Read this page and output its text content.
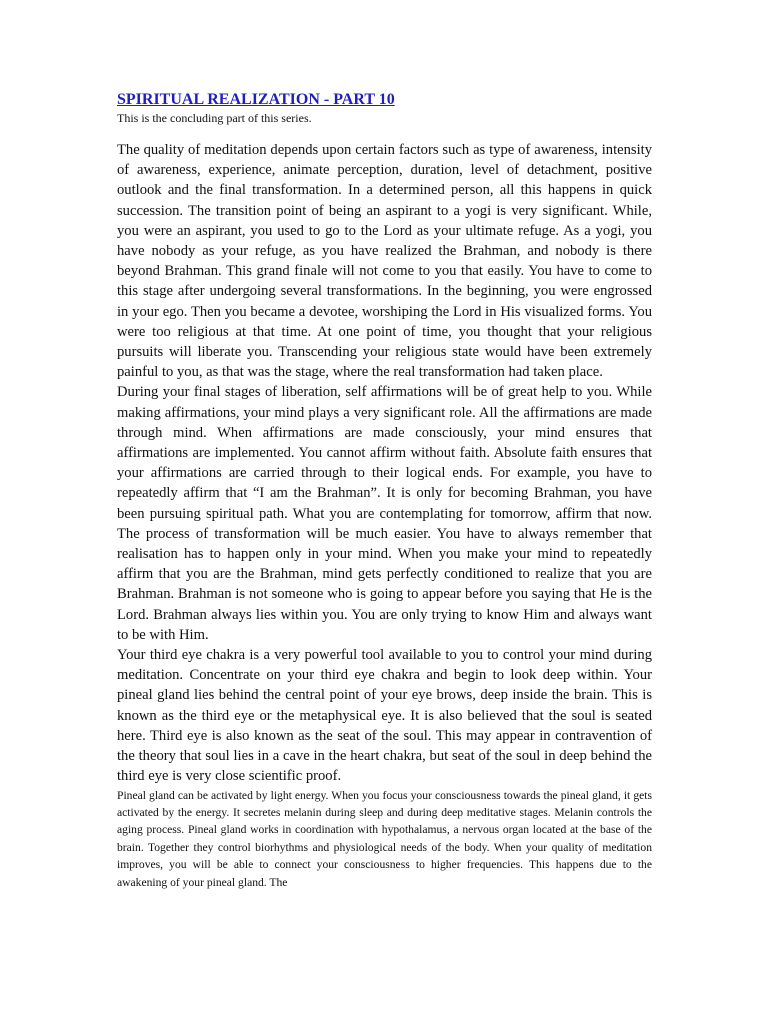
SPIRITUAL REALIZATION - PART 10

This is the concluding part of this series.

The quality of meditation depends upon certain factors such as type of awareness, intensity of awareness, experience, animate perception, duration, level of detachment, positive outlook and the final transformation. In a determined person, all this happens in quick succession. The transition point of being an aspirant to a yogi is very significant. While, you were an aspirant, you used to go to the Lord as your ultimate refuge. As a yogi, you have nobody as your refuge, as you have realized the Brahman, and nobody is there beyond Brahman. This grand finale will not come to you that easily. You have to come to this stage after undergoing several transformations. In the beginning, you were engrossed in your ego. Then you became a devotee, worshiping the Lord in His visualized forms. You were too religious at that time. At one point of time, you thought that your religious pursuits will liberate you. Transcending your religious state would have been extremely painful to you, as that was the stage, where the real transformation had taken place.

During your final stages of liberation, self affirmations will be of great help to you. While making affirmations, your mind plays a very significant role. All the affirmations are made through mind. When affirmations are made consciously, your mind ensures that affirmations are implemented. You cannot affirm without faith. Absolute faith ensures that your affirmations are carried through to their logical ends. For example, you have to repeatedly affirm that “I am the Brahman”. It is only for becoming Brahman, you have been pursuing spiritual path. What you are contemplating for tomorrow, affirm that now. The process of transformation will be much easier. You have to always remember that realisation has to happen only in your mind. When you make your mind to repeatedly affirm that you are the Brahman, mind gets perfectly conditioned to realize that you are Brahman. Brahman is not someone who is going to appear before you saying that He is the Lord. Brahman always lies within you. You are only trying to know Him and always want to be with Him.

Your third eye chakra is a very powerful tool available to you to control your mind during meditation. Concentrate on your third eye chakra and begin to look deep within. Your pineal gland lies behind the central point of your eye brows, deep inside the brain. This is known as the third eye or the metaphysical eye. It is also believed that the soul is seated here. Third eye is also known as the seat of the soul. This may appear in contravention of the theory that soul lies in a cave in the heart chakra, but seat of the soul in deep behind the third eye is very close scientific proof.

Pineal gland can be activated by light energy. When you focus your consciousness towards the pineal gland, it gets activated by the energy. It secretes melanin during sleep and during deep meditative stages. Melanin controls the aging process. Pineal gland works in coordination with hypothalamus, a nervous organ located at the base of the brain. Together they control biorhythms and physiological needs of the body. When your quality of meditation improves, you will be able to connect your consciousness to higher frequencies. This happens due to the awakening of your pineal gland. The
